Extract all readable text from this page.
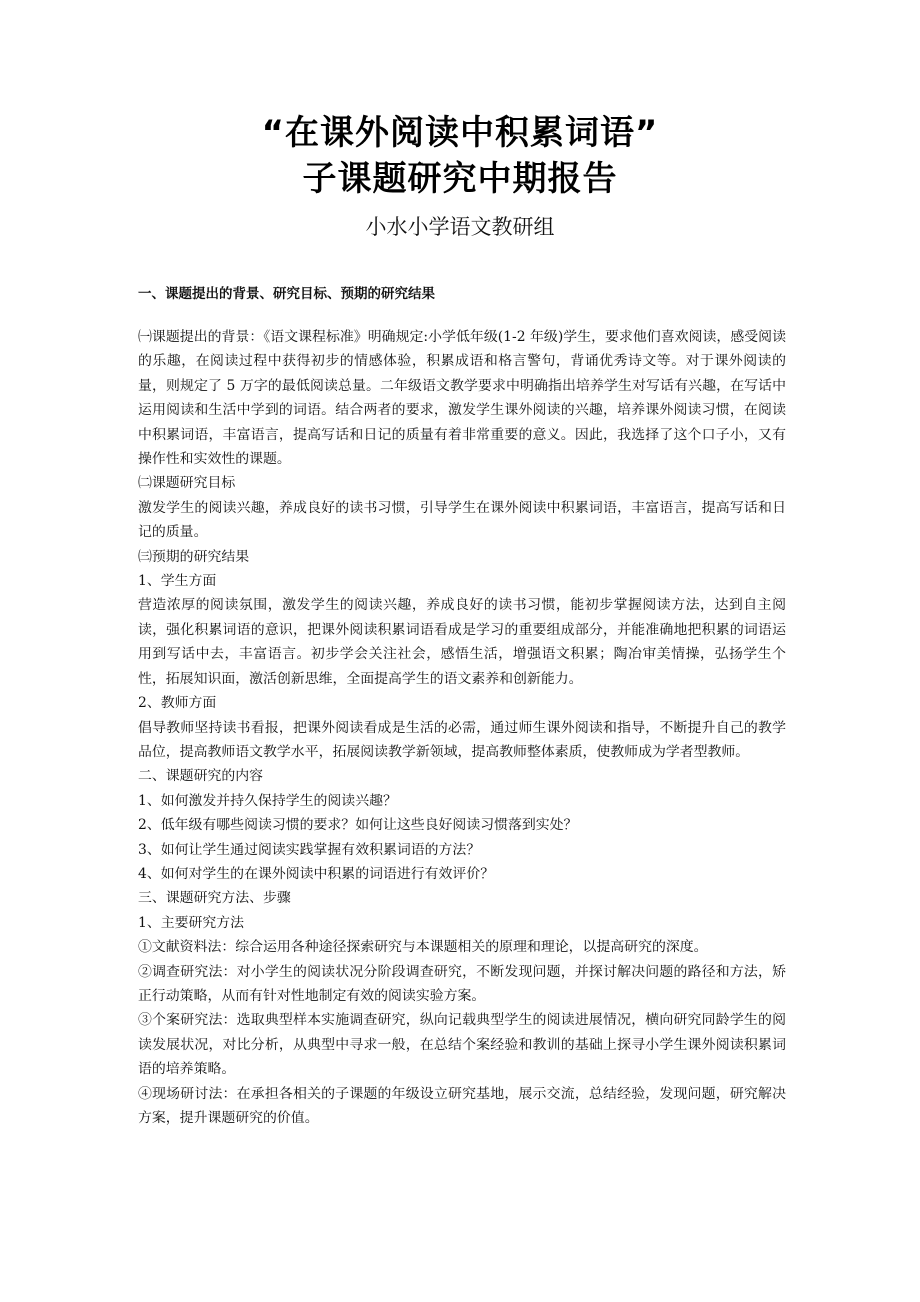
“在课外阅读中积累词语”
子课题研究中期报告
小水小学语文教研组
一、课题提出的背景、研究目标、预期的研究结果

㈠课题提出的背景：《语文课程标准》明确规定:小学低年级(1-2 年级)学生，要求他们喜欢阅读，感受阅读的乐趣，在阅读过程中获得初步的情感体验，积累成语和格言警句，背诵优秀诗文等。对于课外阅读的量，则规定了 5 万字的最低阅读总量。二年级语文教学要求中明确指出培养学生对写话有兴趣，在写话中运用阅读和生活中学到的词语。结合两者的要求，激发学生课外阅读的兴趣，培养课外阅读习惯，在阅读中积累词语，丰富语言，提高写话和日记的质量有着非常重要的意义。因此，我选择了这个口子小，又有操作性和实效性的课题。

㈡课题研究目标

激发学生的阅读兴趣，养成良好的读书习惯，引导学生在课外阅读中积累词语，丰富语言，提高写话和日记的质量。

㈢预期的研究结果

1、学生方面

营造浓厚的阅读氛围，激发学生的阅读兴趣，养成良好的读书习惯，能初步掌握阅读方法，达到自主阅读，强化积累词语的意识，把课外阅读积累词语看成是学习的重要组成部分，并能准确地把积累的词语运用到写话中去，丰富语言。初步学会关注社会，感悟生活，增强语文积累；陶冶审美情操，弘扬学生个性，拓展知识面，激活创新思维，全面提高学生的语文素养和创新能力。

2、教师方面

倡导教师坚持读书看报，把课外阅读看成是生活的必需，通过师生课外阅读和指导，不断提升自己的教学品位，提高教师语文教学水平，拓展阅读教学新领域，提高教师整体素质，使教师成为学者型教师。

二、课题研究的内容

1、如何激发并持久保持学生的阅读兴趣？

2、低年级有哪些阅读习惯的要求？如何让这些良好阅读习惯落到实处？

3、如何让学生通过阅读实践掌握有效积累词语的方法？

4、如何对学生的在课外阅读中积累的词语进行有效评价？

三、课题研究方法、步骤

1、主要研究方法

①文献资料法：综合运用各种途径探索研究与本课题相关的原理和理论，以提高研究的深度。

②调查研究法：对小学生的阅读状况分阶段调查研究，不断发现问题，并探讨解决问题的路径和方法，矫正行动策略，从而有针对性地制定有效的阅读实验方案。

③个案研究法：选取典型样本实施调查研究，纵向记载典型学生的阅读进展情况，横向研究同龄学生的阅读发展状况，对比分析，从典型中寻求一般，在总结个案经验和教训的基础上探寻小学生课外阅读积累词语的培养策略。

④现场研讨法：在承担各相关的子课题的年级设立研究基地，展示交流，总结经验，发现问题，研究解决方案，提升课题研究的价值。
